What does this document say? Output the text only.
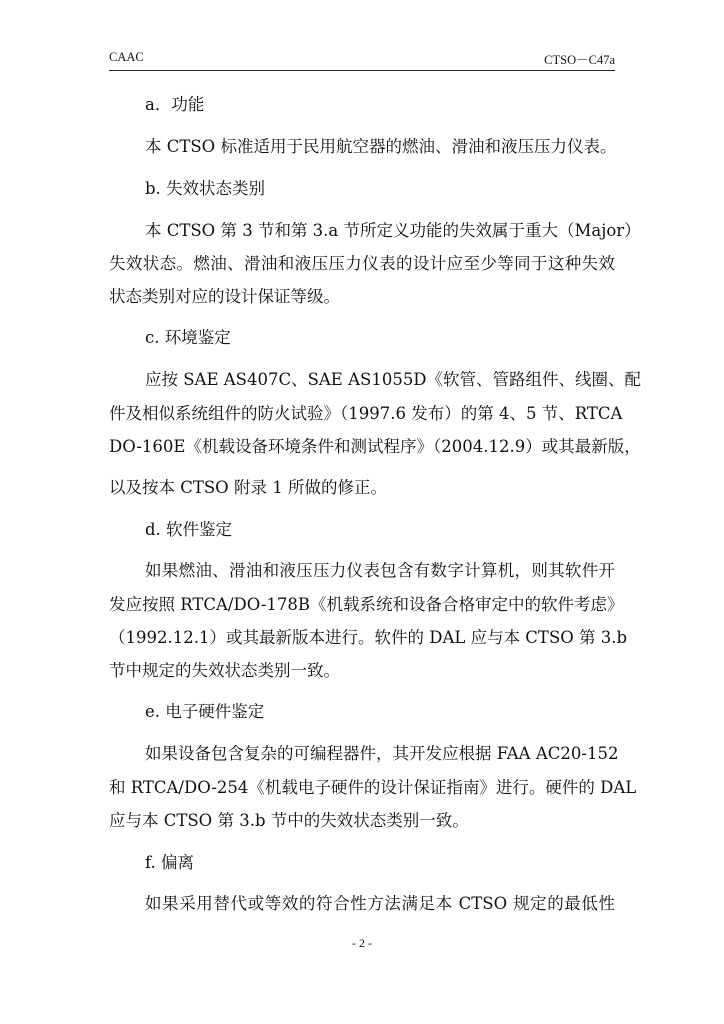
CAAC	CTSO－C47a
a．功能
本 CTSO 标准适用于民用航空器的燃油、滑油和液压压力仪表。
b. 失效状态类别
本 CTSO 第 3 节和第 3.a 节所定义功能的失效属于重大（Major）
失效状态。燃油、滑油和液压压力仪表的设计应至少等同于这种失效
状态类别对应的设计保证等级。
c. 环境鉴定
应按 SAE AS407C、SAE AS1055D《软管、管路组件、线圈、配
件及相似系统组件的防火试验》（1997.6 发布）的第 4、5 节、RTCA
DO-160E《机载设备环境条件和测试程序》（2004.12.9）或其最新版，
以及按本 CTSO 附录 1 所做的修正。
d. 软件鉴定
如果燃油、滑油和液压压力仪表包含有数字计算机，则其软件开
发应按照 RTCA/DO-178B《机载系统和设备合格审定中的软件考虑》
（1992.12.1）或其最新版本进行。软件的 DAL 应与本 CTSO 第 3.b
节中规定的失效状态类别一致。
e. 电子硬件鉴定
如果设备包含复杂的可编程器件，其开发应根据 FAA AC20-152
和 RTCA/DO-254《机载电子硬件的设计保证指南》进行。硬件的 DAL
应与本 CTSO 第 3.b 节中的失效状态类别一致。
f. 偏离
如果采用替代或等效的符合性方法满足本 CTSO 规定的最低性
- 2 -
